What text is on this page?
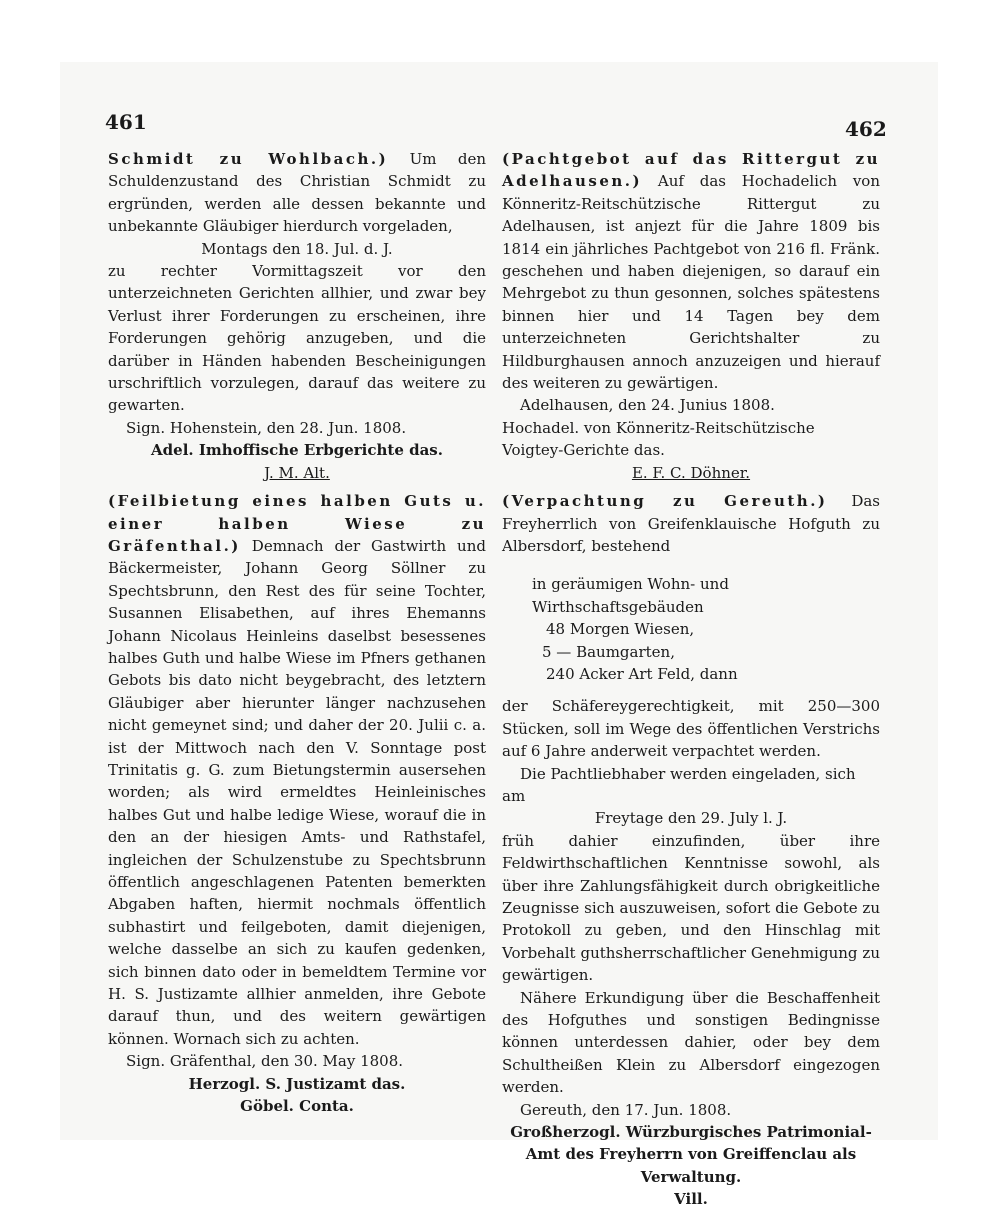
461	462

Schmidt zu Wohlbach.) Um den Schuldenzustand des Christian Schmidt zu ergründen, werden alle dessen bekannte und unbekannte Gläubiger hierdurch vorgeladen,

Montags den 18. Jul. d. J.

zu rechter Vormittagszeit vor den unterzeichneten Gerichten allhier, und zwar bey Verlust ihrer Forderungen zu erscheinen, ihre Forderungen gehörig anzugeben, und die darüber in Händen habenden Bescheinigungen urschriftlich vorzulegen, darauf das weitere zu gewarten.

Sign. Hohenstein, den 28. Jun. 1808.

Adel. Imhoffische Erbgerichte das.

J. M. Alt.

(Feilbietung eines halben Guts u. einer halben Wiese zu Gräfenthal.) Demnach der Gastwirth und Bäckermeister, Johann Georg Söllner zu Spechtsbrunn, den Rest des für seine Tochter, Susannen Elisabethen, auf ihres Ehemanns Johann Nicolaus Heinleins daselbst besessenes halbes Guth und halbe Wiese im Pfners gethanen Gebots bis dato nicht beygebracht, des letztern Gläubiger aber hierunter länger nachzusehen nicht gemeynet sind; und daher der 20. Julii c. a. ist der Mittwoch nach den V. Sonntage post Trinitatis g. G. zum Bietungstermin ausersehen worden; als wird ermeldtes Heinleinisches halbes Gut und halbe ledige Wiese, worauf die in den an der hiesigen Amts- und Rathstafel, ingleichen der Schulzenstube zu Spechtsbrunn öffentlich angeschlagenen Patenten bemerkten Abgaben haften, hiermit nochmals öffentlich subhastirt und feilgeboten, damit diejenigen, welche dasselbe an sich zu kaufen gedenken, sich binnen dato oder in bemeldtem Termine vor H. S. Justizamte allhier anmelden, ihre Gebote darauf thun, und des weitern gewärtigen können. Wornach sich zu achten.

Sign. Gräfenthal, den 30. May 1808.

Herzogl. S. Justizamt das.

Göbel. Conta.

(Pachtgebot auf das Rittergut zu Adelhausen.) Auf das Hochadelich von Könneritz-Reitschützische Rittergut zu Adelhausen, ist anjezt für die Jahre 1809 bis 1814 ein jährliches Pachtgebot von 216 fl. Fränk. geschehen und haben diejenigen, so darauf ein Mehrgebot zu thun gesonnen, solches spätestens binnen hier und 14 Tagen bey dem unterzeichneten Gerichtshalter zu Hildburghausen annoch anzuzeigen und hierauf des weiteren zu gewärtigen.

Adelhausen, den 24. Junius 1808.

Hochadel. von Könneritz-Reitschützische Voigtey-Gerichte das.

E. F. C. Döhner.

(Verpachtung zu Gereuth.) Das Freyherrlich von Greifenklauische Hofguth zu Albersdorf, bestehend

in geräumigen Wohn- und Wirthschaftsgebäuden
48 Morgen Wiesen,
5 — Baumgarten,
240 Acker Art Feld, dann

der Schäfereygerechtigkeit, mit 250—300 Stücken, soll im Wege des öffentlichen Verstrichs auf 6 Jahre anderweit verpachtet werden.

Die Pachtliebhaber werden eingeladen, sich am

Freytage den 29. July l. J.

früh dahier einzufinden, über ihre Feldwirthschaftlichen Kenntnisse sowohl, als über ihre Zahlungsfähigkeit durch obrigkeitliche Zeugnisse sich auszuweisen, sofort die Gebote zu Protokoll zu geben, und den Hinschlag mit Vorbehalt guthsherrschaftlicher Genehmigung zu gewärtigen.

Nähere Erkundigung über die Beschaffenheit des Hofguthes und sonstigen Bedingnisse können unterdessen dahier, oder bey dem Schultheißen Klein zu Albersdorf eingezogen werden.

Gereuth, den 17. Jun. 1808.

Großherzogl. Würzburgisches Patrimonial-Amt des Freyherrn von Greiffenclau als Verwaltung.

Vill.
